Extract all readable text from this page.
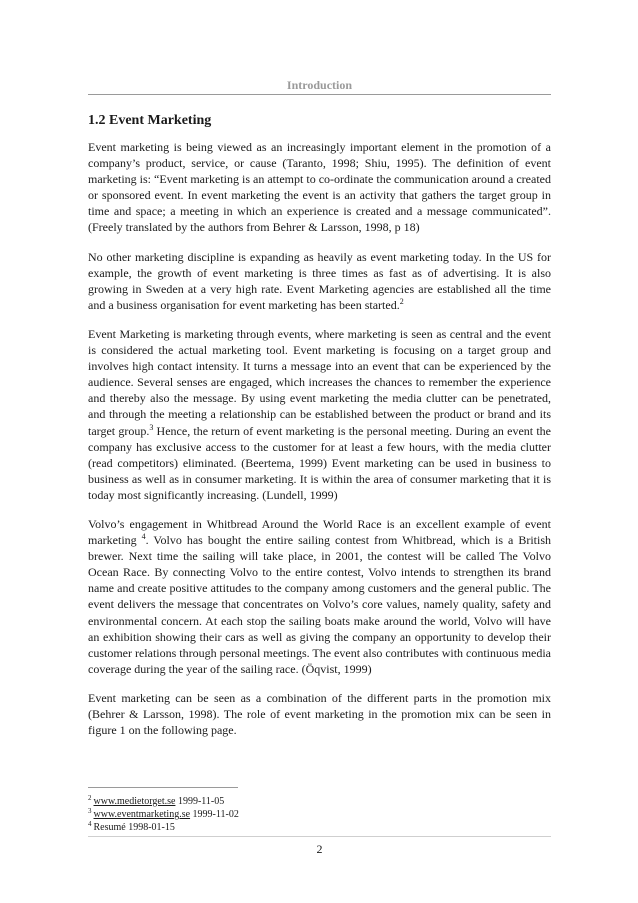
Introduction
1.2 Event Marketing

Event marketing is being viewed as an increasingly important element in the promotion of a company’s product, service, or cause (Taranto, 1998; Shiu, 1995). The definition of event marketing is: “Event marketing is an attempt to co-ordinate the communication around a created or sponsored event. In event marketing the event is an activity that gathers the target group in time and space; a meeting in which an experience is created and a message communicated”. (Freely translated by the authors from Behrer & Larsson, 1998, p 18)

No other marketing discipline is expanding as heavily as event marketing today. In the US for example, the growth of event marketing is three times as fast as of advertising. It is also growing in Sweden at a very high rate. Event Marketing agencies are established all the time and a business organisation for event marketing has been started.$^2$

Event Marketing is marketing through events, where marketing is seen as central and the event is considered the actual marketing tool. Event marketing is focusing on a target group and involves high contact intensity. It turns a message into an event that can be experienced by the audience. Several senses are engaged, which increases the chances to remember the experience and thereby also the message. By using event marketing the media clutter can be penetrated, and through the meeting a relationship can be established between the product or brand and its target group.$^3$ Hence, the return of event marketing is the personal meeting. During an event the company has exclusive access to the customer for at least a few hours, with the media clutter (read competitors) eliminated. (Beertema, 1999) Event marketing can be used in business to business as well as in consumer marketing. It is within the area of consumer marketing that it is today most significantly increasing. (Lundell, 1999)

Volvo’s engagement in Whitbread Around the World Race is an excellent example of event marketing $^4$. Volvo has bought the entire sailing contest from Whitbread, which is a British brewer. Next time the sailing will take place, in 2001, the contest will be called The Volvo Ocean Race. By connecting Volvo to the entire contest, Volvo intends to strengthen its brand name and create positive attitudes to the company among customers and the general public. The event delivers the message that concentrates on Volvo’s core values, namely quality, safety and environmental concern. At each stop the sailing boats make around the world, Volvo will have an exhibition showing their cars as well as giving the company an opportunity to develop their customer relations through personal meetings. The event also contributes with continuous media coverage during the year of the sailing race. (Öqvist, 1999)

Event marketing can be seen as a combination of the different parts in the promotion mix (Behrer & Larsson, 1998). The role of event marketing in the promotion mix can be seen in figure 1 on the following page.

$^2$ www.medietorget.se 1999-11-05

$^3$ www.eventmarketing.se 1999-11-02

$^4$ Resumé 1998-01-15

2
